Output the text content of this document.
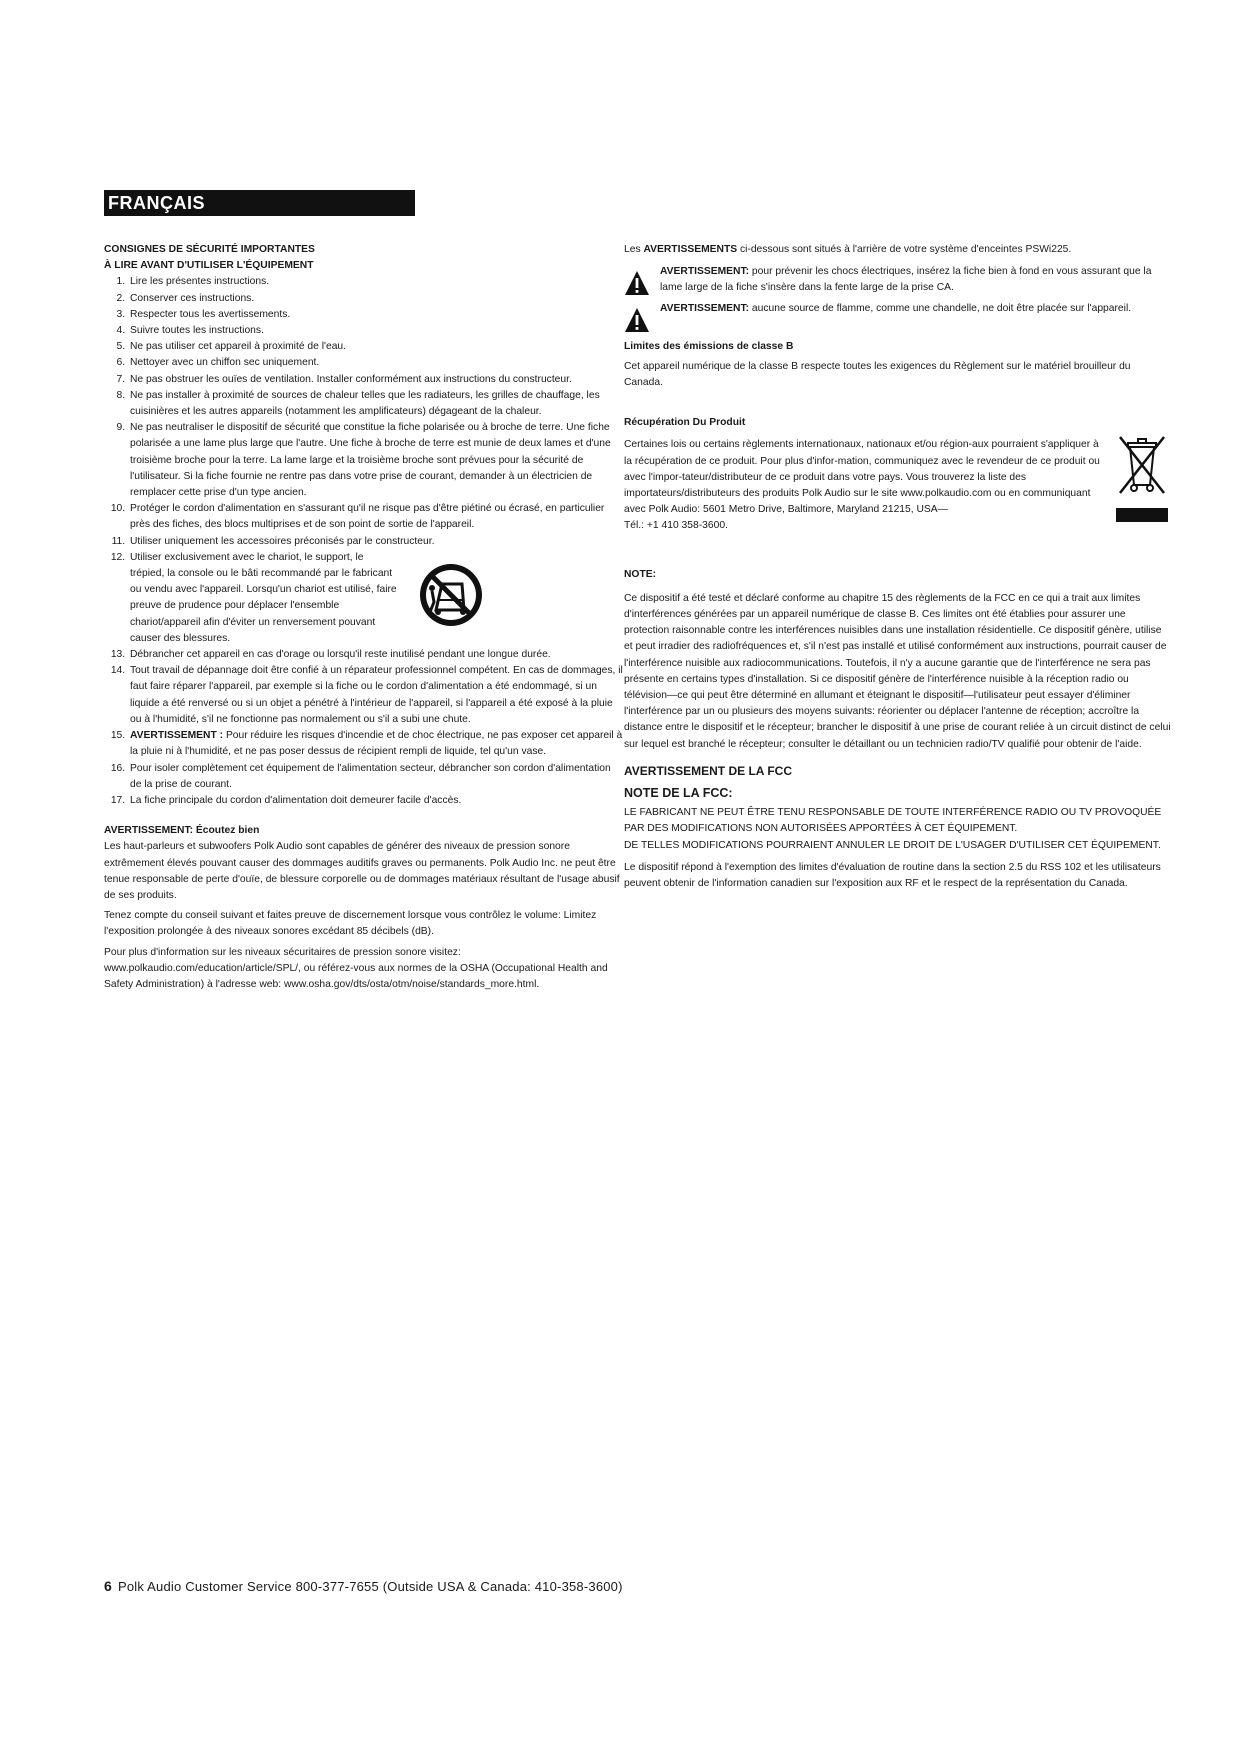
FRANÇAIS
CONSIGNES DE SÉCURITÉ IMPORTANTES
À LIRE AVANT D'UTILISER L'ÉQUIPEMENT
1. Lire les présentes instructions.
2. Conserver ces instructions.
3. Respecter tous les avertissements.
4. Suivre toutes les instructions.
5. Ne pas utiliser cet appareil à proximité de l'eau.
6. Nettoyer avec un chiffon sec uniquement.
7. Ne pas obstruer les ouïes de ventilation. Installer conformément aux instructions du constructeur.
8. Ne pas installer à proximité de sources de chaleur telles que les radiateurs, les grilles de chauffage, les cuisinières et les autres appareils (notamment les amplificateurs) dégageant de la chaleur.
9. Ne pas neutraliser le dispositif de sécurité que constitue la fiche polarisée ou à broche de terre. Une fiche polarisée a une lame plus large que l'autre. Une fiche à broche de terre est munie de deux lames et d'une troisième broche pour la terre. La lame large et la troisième broche sont prévues pour la sécurité de l'utilisateur. Si la fiche fournie ne rentre pas dans votre prise de courant, demander à un électricien de remplacer cette prise d'un type ancien.
10. Protéger le cordon d'alimentation en s'assurant qu'il ne risque pas d'être piétiné ou écrasé, en particulier près des fiches, des blocs multiprises et de son point de sortie de l'appareil.
11. Utiliser uniquement les accessoires préconisés par le constructeur.
12. Utiliser exclusivement avec le chariot, le support, le trépied, la console ou le bâti recommandé par le fabricant ou vendu avec l'appareil. Lorsqu'un chariot est utilisé, faire preuve de prudence pour déplacer l'ensemble chariot/appareil afin d'éviter un renversement pouvant causer des blessures.
13. Débrancher cet appareil en cas d'orage ou lorsqu'il reste inutilisé pendant une longue durée.
14. Tout travail de dépannage doit être confié à un réparateur professionnel compétent. En cas de dommages, il faut faire réparer l'appareil, par exemple si la fiche ou le cordon d'alimentation a été endommagé, si un liquide a été renversé ou si un objet a pénétré à l'intérieur de l'appareil, si l'appareil a été exposé à la pluie ou à l'humidité, s'il ne fonctionne pas normalement ou s'il a subi une chute.
15. AVERTISSEMENT : Pour réduire les risques d'incendie et de choc électrique, ne pas exposer cet appareil à la pluie ni à l'humidité, et ne pas poser dessus de récipient rempli de liquide, tel qu'un vase.
16. Pour isoler complètement cet équipement de l'alimentation secteur, débrancher son cordon d'alimentation de la prise de courant.
17. La fiche principale du cordon d'alimentation doit demeurer facile d'accès.
AVERTISSEMENT: Écoutez bien

Les haut-parleurs et subwoofers Polk Audio sont capables de générer des niveaux de pression sonore extrêmement élevés pouvant causer des dommages auditifs graves ou permanents. Polk Audio Inc. ne peut être tenue responsable de perte d'ouïe, de blessure corporelle ou de dommages matériaux résultant de l'usage abusif de ses produits.

Tenez compte du conseil suivant et faites preuve de discernement lorsque vous contrôlez le volume: Limitez l'exposition prolongée à des niveaux sonores excédant 85 décibels (dB).

Pour plus d'information sur les niveaux sécuritaires de pression sonore visitez: www.polkaudio.com/education/article/SPL/, ou référez-vous aux normes de la OSHA (Occupational Health and Safety Administration) à l'adresse web: www.osha.gov/dts/osta/otm/noise/standards_more.html.

Les AVERTISSEMENTS ci-dessous sont situés à l'arrière de votre système d'enceintes PSWi225.

AVERTISSEMENT: pour prévenir les chocs électriques, insérez la fiche bien à fond en vous assurant que la lame large de la fiche s'insère dans la fente large de la prise CA.

AVERTISSEMENT: aucune source de flamme, comme une chandelle, ne doit être placée sur l'appareil.

Limites des émissions de classe B

Cet appareil numérique de la classe B respecte toutes les exigences du Règlement sur le matériel brouilleur du Canada.

Récupération Du Produit

Certaines lois ou certains règlements internationaux, nationaux et/ou région-aux pourraient s'appliquer à la récupération de ce produit. Pour plus d'infor-mation, communiquez avec le revendeur de ce produit ou avec l'impor-tateur/distributeur de ce produit dans votre pays. Vous trouverez la liste des importateurs/distributeurs des produits Polk Audio sur le site www.polkaudio.com ou en communiquant avec Polk Audio: 5601 Metro Drive, Baltimore, Maryland 21215, USA—

Tél.: +1 410 358-3600.

NOTE:

Ce dispositif a été testé et déclaré conforme au chapitre 15 des règlements de la FCC en ce qui a trait aux limites d'interférences générées par un appareil numérique de classe B. Ces limites ont été établies pour assurer une protection raisonnable contre les interférences nuisibles dans une installation résidentielle. Ce dispositif génère, utilise et peut irradier des radiofréquences et, s'il n'est pas installé et utilisé conformément aux instructions, pourrait causer de l'interférence nuisible aux radiocommunications. Toutefois, il n'y a aucune garantie que de l'interférence ne sera pas présente en certains types d'installation. Si ce dispositif génère de l'interférence nuisible à la réception radio ou télévision—ce qui peut être déterminé en allumant et éteignant le dispositif—l'utilisateur peut essayer d'éliminer l'interférence par un ou plusieurs des moyens suivants: réorienter ou déplacer l'antenne de réception; accroître la distance entre le dispositif et le récepteur; brancher le dispositif à une prise de courant reliée à un circuit distinct de celui sur lequel est branché le récepteur; consulter le détaillant ou un technicien radio/TV qualifié pour obtenir de l'aide.

AVERTISSEMENT DE LA FCC
NOTE DE LA FCC:

LE FABRICANT NE PEUT ÊTRE TENU RESPONSABLE DE TOUTE INTERFÉRENCE RADIO OU TV PROVOQUÉE PAR DES MODIFICATIONS NON AUTORISÉES APPORTÉES À CET ÉQUIPEMENT.

DE TELLES MODIFICATIONS POURRAIENT ANNULER LE DROIT DE L'USAGER D'UTILISER CET ÉQUIPEMENT.

Le dispositif répond à l'exemption des limites d'évaluation de routine dans la section 2.5 du RSS 102 et les utilisateurs peuvent obtenir de l'information canadien sur l'exposition aux RF et le respect de la représentation du Canada.

6 Polk Audio Customer Service 800-377-7655 (Outside USA & Canada: 410-358-3600)
